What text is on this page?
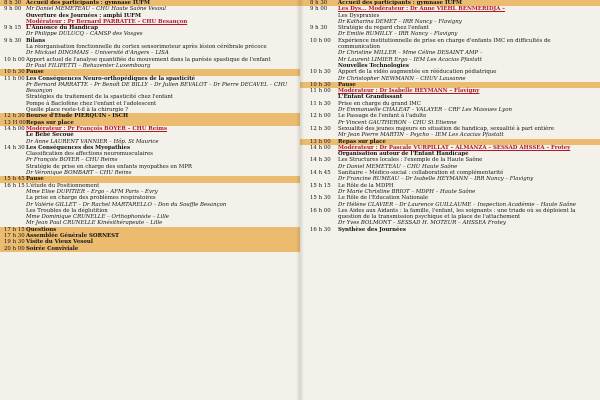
8 h 30 Accueil des participants : gymnase IUFM
9 h 00 Mr Daniel MEMETEAU – CHU Haute Saône Vesoul
Ouverture des Journées : amphi IUFM
Modérateur : Pr Bernard PARRATTE – CHU Besançon
9 h 15 L'Annonce du Handicap
Dr Philippe DULUCQ – CAMSP des Vosges
9 h 30 Bilans
La réorganisation fonctionnelle du cortex sensorimoteur après lésion cérébrale précoce
Dr Mickael DINOMAIS – Université d'Angers – LISA
10 h 00 Apport actuel de l'analyse quantifiée du mouvement dans la parésie spastique de l'enfant
Dr Paul FILIPETTI – Rehazenter Luxembourg
10 h 30 Pause
11 h 00 Les Conséquences Neuro-orthopédiques de la spasticité
Pr Bernard PARRATTE – Pr Benoît DE BILLY – Dr Julien BEVALOT – Dr Pierre DECAVEL – CHU Besançon
Stratégies du traitement de la spasticité chez l'enfant
Pompe à Baclofène chez l'enfant et l'adolescent
Quelle place reste-t-il à la chirurgie ?
12 h 30 Bourse d'Etude PIERQUIN - ISCH
13 H 00 Repas sur place
14 h 00 Modérateur : Pr François BOYER – CHU Reims
Le Bébé Secoué
Dr Anne LAURENT VANNIER – Hôp. St Maurice
14 h 30 Les Conséquences des Myopathies
Classification des affections neuromusculaires
Pr François BOYER – CHU Reims
Stratégie de prise en charge des enfants myopathes en MPR
Dr Véronique BOMBART – CHU Reims
15 h 45 Pause
16 h 15 L'étude du Positionnement
Mme Elise DUPITIER – Ergo – AFM Paris – Evry
La prise en charge des problèmes respiratoires
Dr Valérie GILLET – Dr Rachel MARTARELLO – Don du Souffle Besançon
Les Troubles de la déglutition
Mme Dominique CRUNELLE – Orthophoniste – Lille
Mr Jean Paul CRUNELLE Kinésithérapeute – Lille
17 h 15 Questions
17 h 30 Assemblée Générale SORNEST
19 h 30 Visite du Vieux Vesoul
20 h 00 Soirée Conviviale
8 h 30	Accueil des participants : gymnase IUFM
9 h 00	Les Dys... Modérateur : Dr Anne VIEHL BENMERIDJA –
Les Dyspraxies
Dr Katharina DEMET – IRR Nancy – Flavigny
9 h 30	Stratégie du regard chez l'enfant
Dr Emilie RUMILLY – IRR Nancy – Flavigny
10 h 00	Expérience institutionnelle de prise en charge d'enfants IMC en difficultés de communication
Dr Christine MILLER – Mme Céline DESAINT AMP –
Mr Laurent LIMIER Ergo – IEM Les Acacias Pfastatt
Nouvelles Technologies
10 h 30	Apport de la vidéo augmentée en rééducation pédiatrique
Dr Christopher NEWMANN – CHUV Lausanne
10 h 30	Pause
11 h 00	Modérateur : Dr Isabelle HEYMANN – Flavigny
L'Enfant Grandissant
11 h 30	Prise en charge du grand IMC
Dr Emmanuelle CHALEAT – VALAYER – CRF Les Massues Lyon
12 h 00	Le Passage de l'enfant à l'adulte
Pr Vincent GAUTHERON – CHU St Etienne
12 h 30	Sexualité des jeunes majeurs en situation de handicap, sexualité à part entière
Mr Jean Pierre MARTIN – Psycho – IEM Les Acacias Pfastatt
13 h 00	Repas sur place
14 h 00	Modérateur : Dr Pascale VURPILLAT – ALMANZA – SESSAD AHSSEA – Frotey
Organisation autour de l'Enfant Handicapé
14 h 30	Les Structures locales : l'exemple de la Haute Saône
Dr Daniel MEMETEAU – CHU Haute Saône
14 h 45	Sanitaire – Médico-social : collaboration et complémentarité
Dr Francine RUMEAU – Dr Isabelle HEYMANN – IRR Nancy – Flavigny
15 h 15	Le Rôle de la MDPH
Dr Marie Christine BRIOT – MDPH – Haute Saône
15 h 30	Le Rôle de l'Education Nationale
Dr Hélène CLAVIER – Dr Laurence GUILLAUME – Inspection Académie – Haute Saône
16 h 00	Les Aides aux Aidants : la famille, l'enfant, les soignants : une triade où se déploient la question de la transmission psychique et la place de l'attachement
Dr Yves BOLMONT – SESSAD H. MOTEUR – AHSSEA Frotey
16 h 30	Synthèse des Journées
